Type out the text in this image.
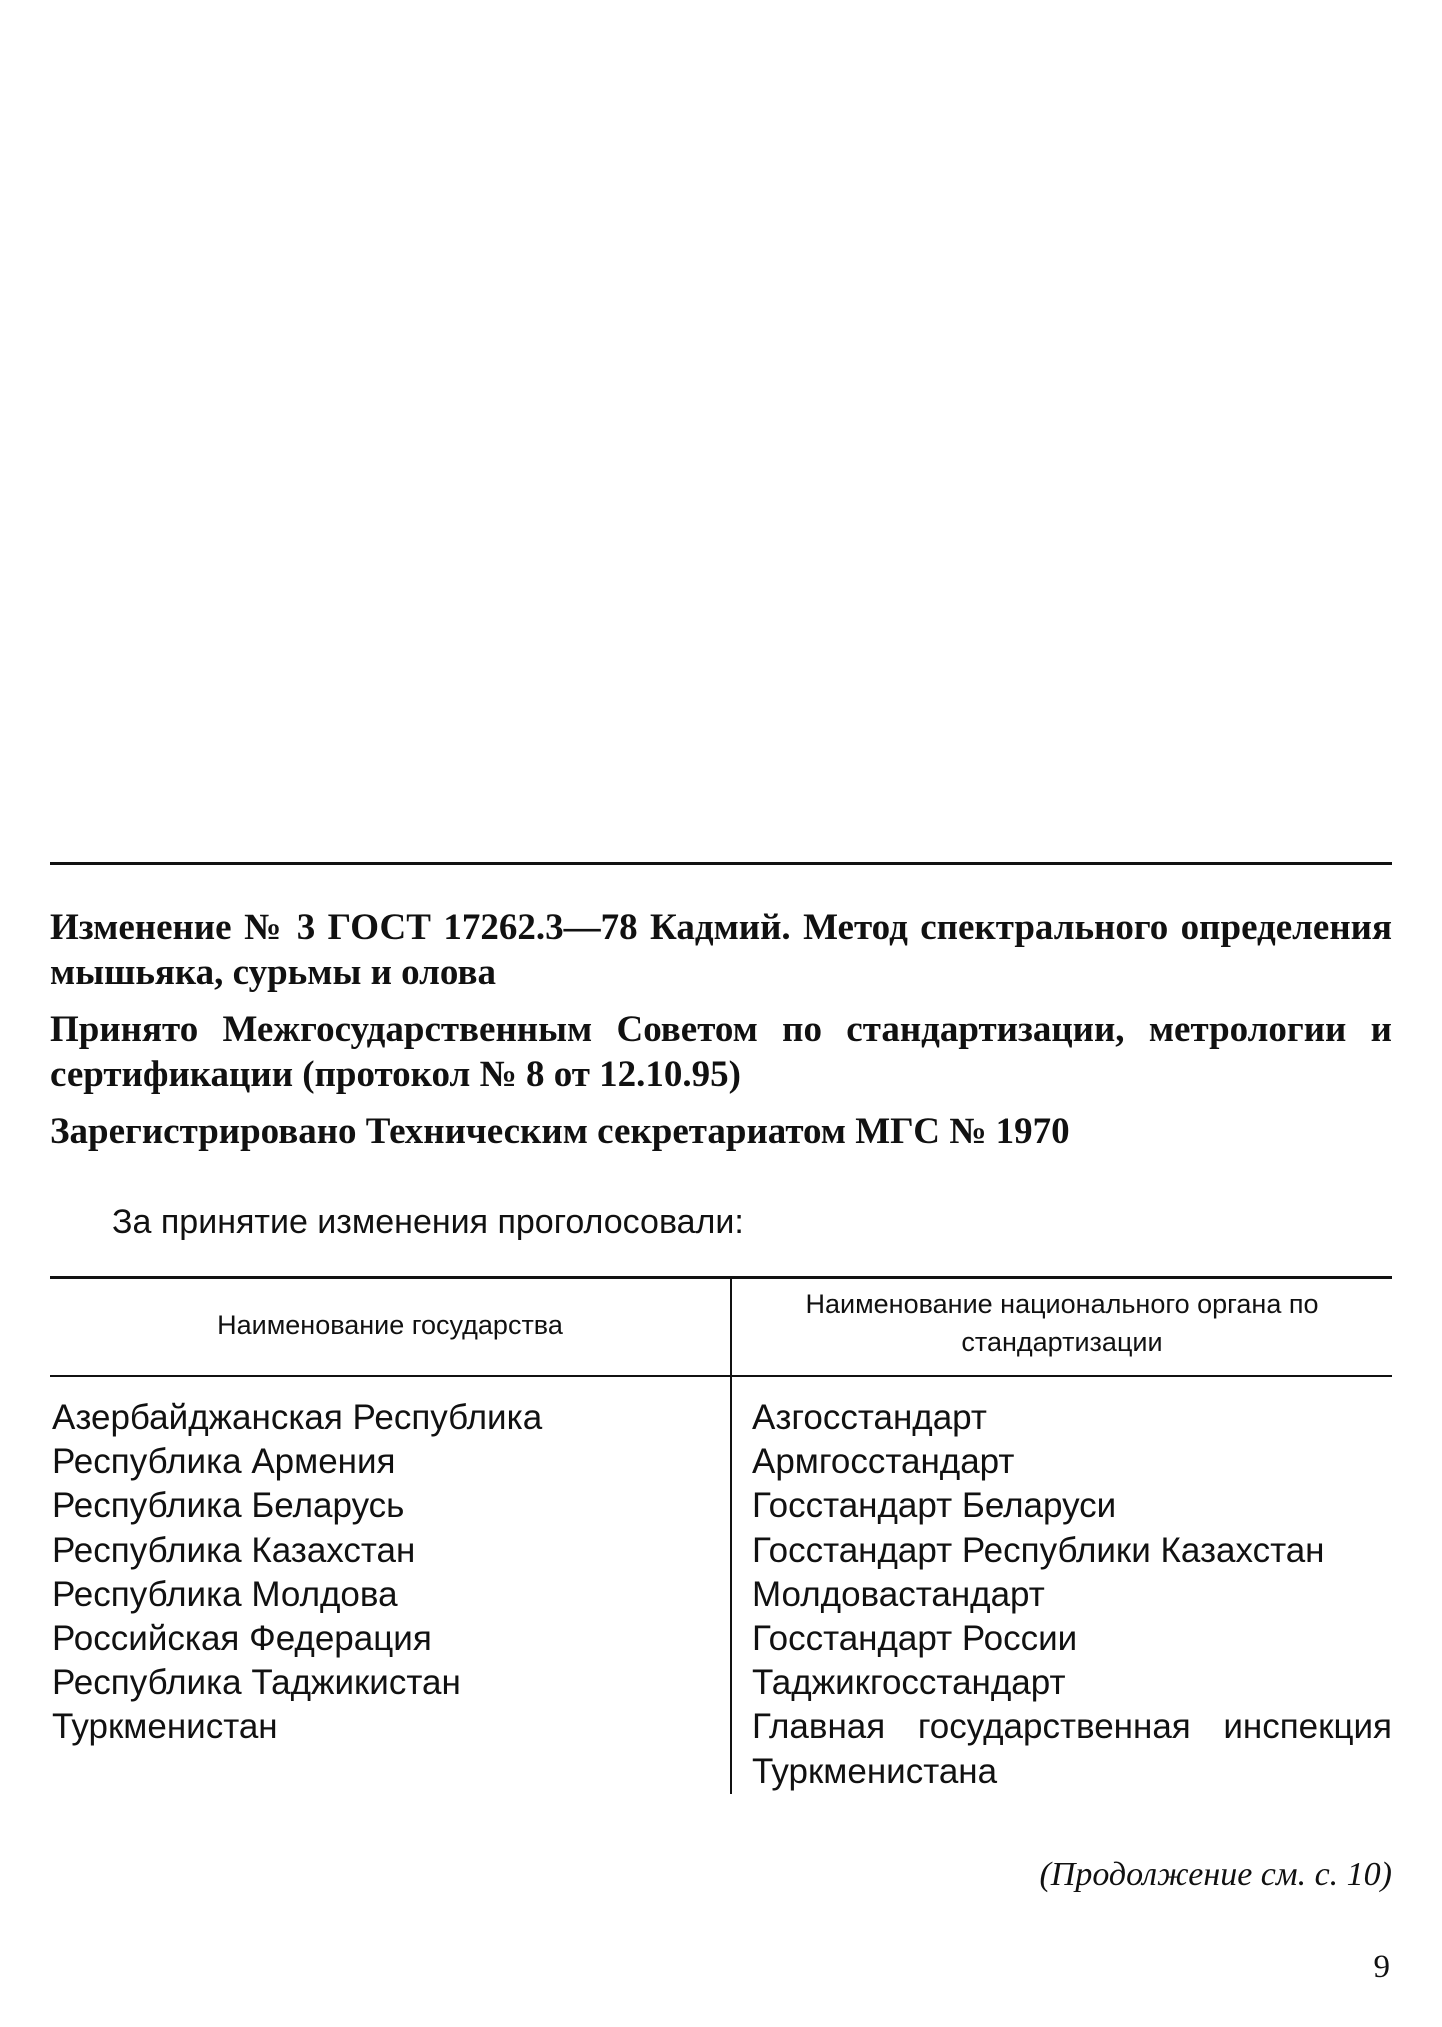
Изменение № 3 ГОСТ 17262.3—78 Кадмий. Метод спектрального определения мышьяка, сурьмы и олова

Принято Межгосударственным Советом по стандартизации, метрологии и сертификации (протокол № 8 от 12.10.95)

Зарегистрировано Техническим секретариатом МГС № 1970

За принятие изменения проголосовали:
Наименование государства
Наименование национального органа по стандартизации
Азербайджанская Республика
Республика Армения
Республика Беларусь
Республика Казахстан
Республика Молдова
Российская Федерация
Республика Таджикистан
Туркменистан
Азгосстандарт
Армгосстандарт
Госстандарт Беларуси
Госстандарт Республики Казахстан
Молдовастандарт
Госстандарт России
Таджикгосстандарт
Главная государственная инспекция Туркменистана
(Продолжение см. с. 10)
9
